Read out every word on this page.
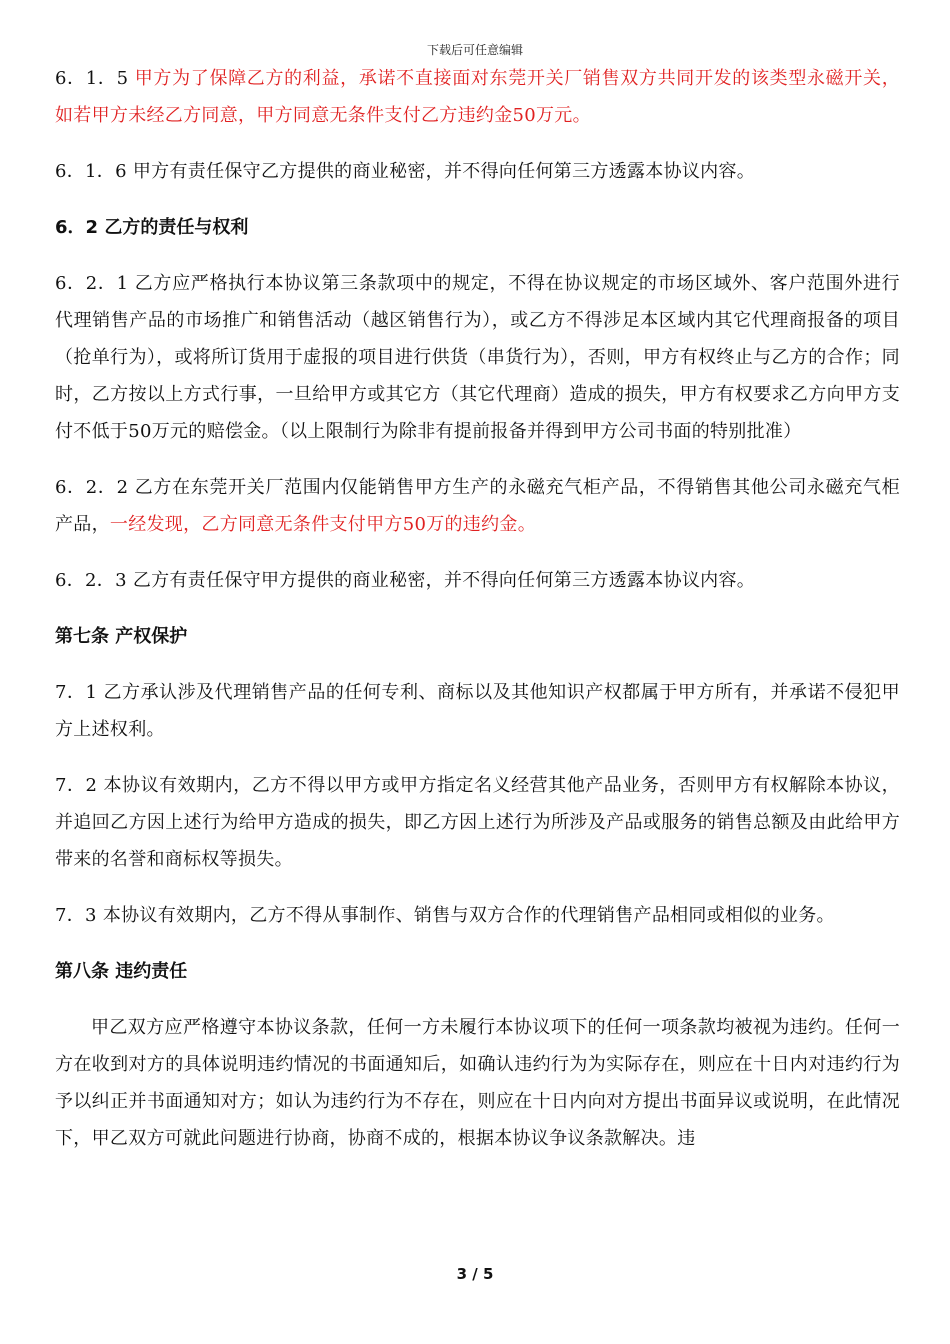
下载后可任意编辑

6．1．5 甲方为了保障乙方的利益，承诺不直接面对东莞开关厂销售双方共同开发的该类型永磁开关，如若甲方未经乙方同意，甲方同意无条件支付乙方违约金50万元。

6．1．6 甲方有责任保守乙方提供的商业秘密，并不得向任何第三方透露本协议内容。

6．2 乙方的责任与权利

6．2．1 乙方应严格执行本协议第三条款项中的规定，不得在协议规定的市场区域外、客户范围外进行代理销售产品的市场推广和销售活动（越区销售行为），或乙方不得涉足本区域内其它代理商报备的项目（抢单行为），或将所订货用于虚报的项目进行供货（串货行为），否则，甲方有权终止与乙方的合作；同时，乙方按以上方式行事，一旦给甲方或其它方（其它代理商）造成的损失，甲方有权要求乙方向甲方支付不低于50万元的赔偿金。（以上限制行为除非有提前报备并得到甲方公司书面的特别批准）

6．2．2 乙方在东莞开关厂范围内仅能销售甲方生产的永磁充气柜产品，不得销售其他公司永磁充气柜产品，一经发现，乙方同意无条件支付甲方50万的违约金。

6．2．3 乙方有责任保守甲方提供的商业秘密，并不得向任何第三方透露本协议内容。

第七条 产权保护

7．1 乙方承认涉及代理销售产品的任何专利、商标以及其他知识产权都属于甲方所有，并承诺不侵犯甲方上述权利。

7．2 本协议有效期内，乙方不得以甲方或甲方指定名义经营其他产品业务，否则甲方有权解除本协议，并追回乙方因上述行为给甲方造成的损失，即乙方因上述行为所涉及产品或服务的销售总额及由此给甲方带来的名誉和商标权等损失。

7．3 本协议有效期内，乙方不得从事制作、销售与双方合作的代理销售产品相同或相似的业务。

第八条 违约责任

甲乙双方应严格遵守本协议条款，任何一方未履行本协议项下的任何一项条款均被视为违约。任何一方在收到对方的具体说明违约情况的书面通知后，如确认违约行为为实际存在，则应在十日内对违约行为予以纠正并书面通知对方；如认为违约行为不存在，则应在十日内向对方提出书面异议或说明，在此情况下，甲乙双方可就此问题进行协商，协商不成的，根据本协议争议条款解决。违

3 / 5
